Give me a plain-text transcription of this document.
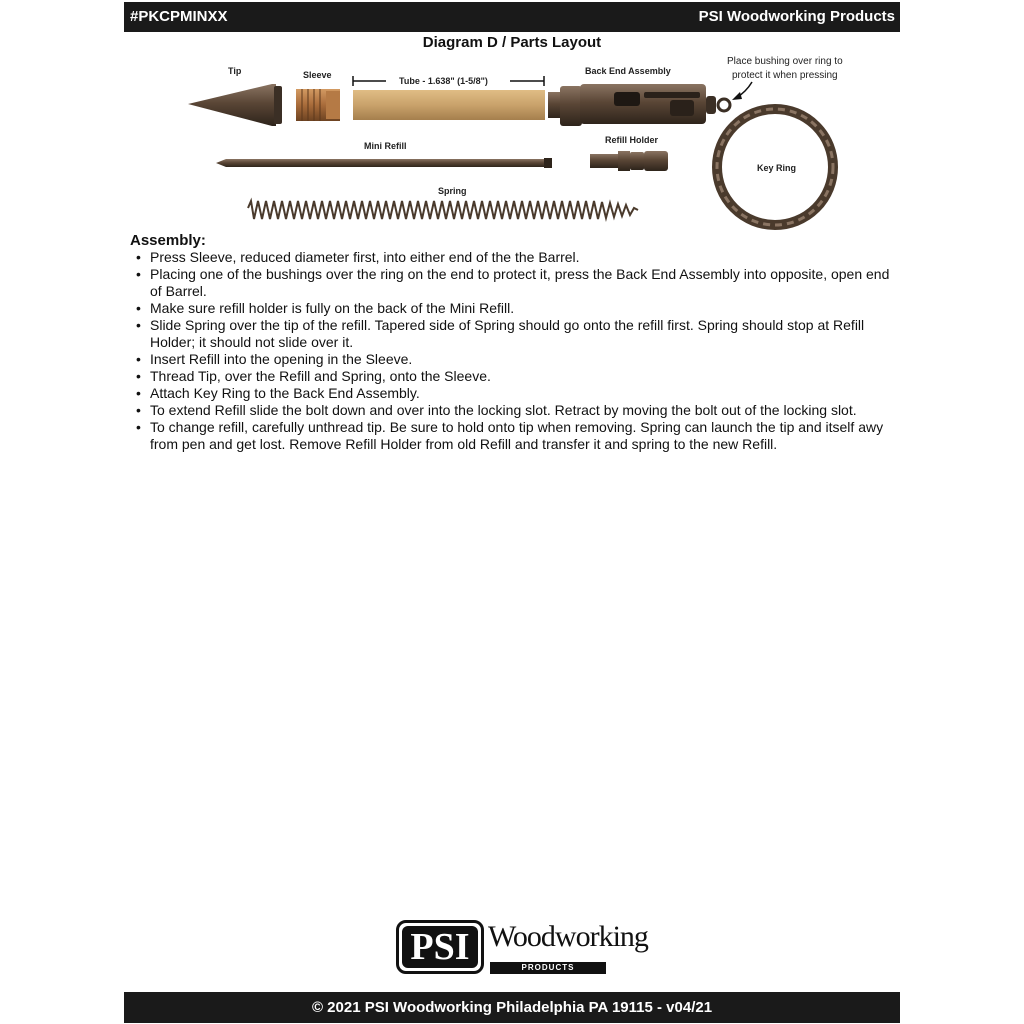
#PKCPMINXX	PSI Woodworking Products
Diagram D / Parts Layout
Tip	Sleeve
Tube - 1.638" (1-5/8")
Back End Assembly
Place bushing over ring to
protect it when pressing
Mini Refill
Refill Holder
Key Ring
Spring
Assembly:
• Press Sleeve, reduced diameter first, into either end of the the Barrel.
• Placing one of the bushings over the ring on the end to protect it, press the Back End Assembly into opposite, open end of Barrel.
• Make sure refill holder is fully on the back of the Mini Refill.
• Slide Spring over the tip of the refill. Tapered side of Spring should go onto the refill first. Spring should stop at Refill Holder; it should not slide over it.
• Insert Refill into the opening in the Sleeve.
• Thread Tip, over the Refill and Spring, onto the Sleeve.
• Attach Key Ring to the Back End Assembly.
• To extend Refill slide the bolt down and over into the locking slot. Retract by moving the bolt out of the locking slot.
• To change refill, carefully unthread tip. Be sure to hold onto tip when removing. Spring can launch the tip and itself awy from pen and get lost. Remove Refill Holder from old Refill and transfer it and spring to the new Refill.
PSI Woodworking
PRODUCTS
© 2021 PSI Woodworking Philadelphia PA 19115 - v04/21
